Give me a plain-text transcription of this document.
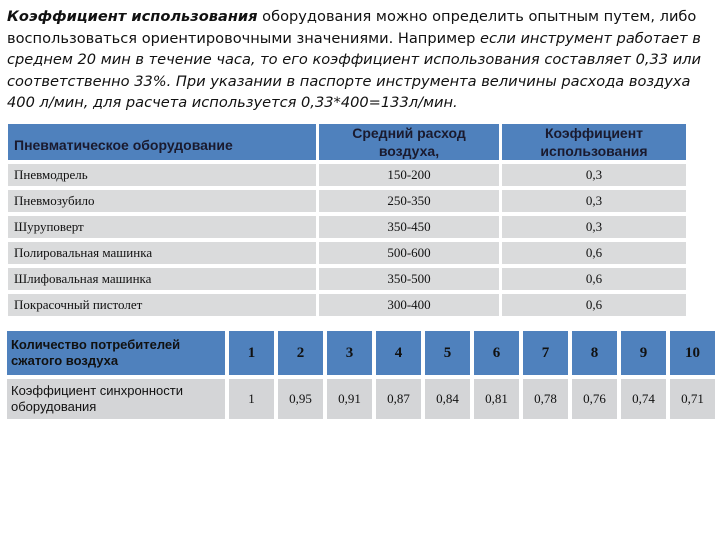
Коэффициент использования оборудования можно определить опытным путем, либо воспользоваться ориентировочными значениями. Например если инструмент работает в среднем 20 мин в течение часа, то его коэффициент использования составляет 0,33 или соответственно 33%. При указании в паспорте инструмента величины расхода воздуха 400 л/мин, для расчета используется 0,33*400=133л/мин.
Пневматическое оборудование	Средний расход воздуха,	Коэффициент использования
Пневмодрель	150-200	0,3
Пневмозубило	250-350	0,3
Шуруповерт	350-450	0,3
Полировальная машинка	500-600	0,6
Шлифовальная машинка	350-500	0,6
Покрасочный пистолет	300-400	0,6
Количество потребителей сжатого воздуха	1	2	3	4	5	6	7	8	9	10
Коэффициент синхронности оборудования	1	0,95	0,91	0,87	0,84	0,81	0,78	0,76	0,74	0,71
